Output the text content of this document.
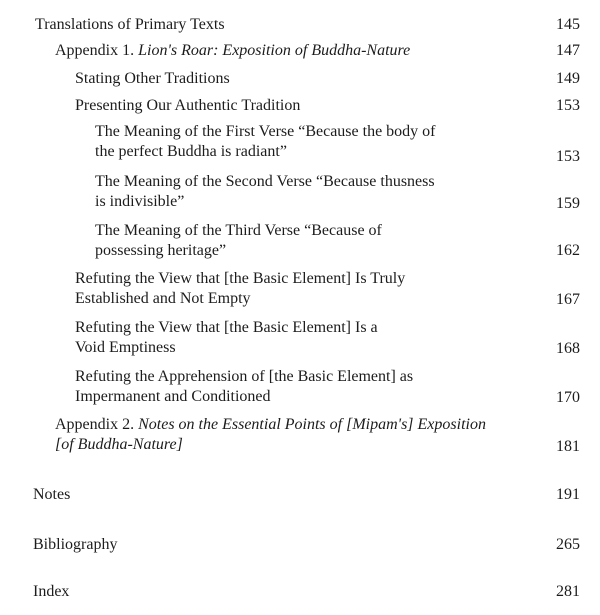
Translations of Primary Texts	145
Appendix 1. Lion's Roar: Exposition of Buddha-Nature	147
Stating Other Traditions	149
Presenting Our Authentic Tradition	153
The Meaning of the First Verse “Because the body of
the perfect Buddha is radiant”	153
The Meaning of the Second Verse “Because thusness
is indivisible”	159
The Meaning of the Third Verse “Because of
possessing heritage”	162
Refuting the View that [the Basic Element] Is Truly
Established and Not Empty	167
Refuting the View that [the Basic Element] Is a
Void Emptiness	168
Refuting the Apprehension of [the Basic Element] as
Impermanent and Conditioned	170
Appendix 2. Notes on the Essential Points of [Mipam's] Exposition
[of Buddha-Nature]	181
Notes	191
Bibliography	265
Index	281
